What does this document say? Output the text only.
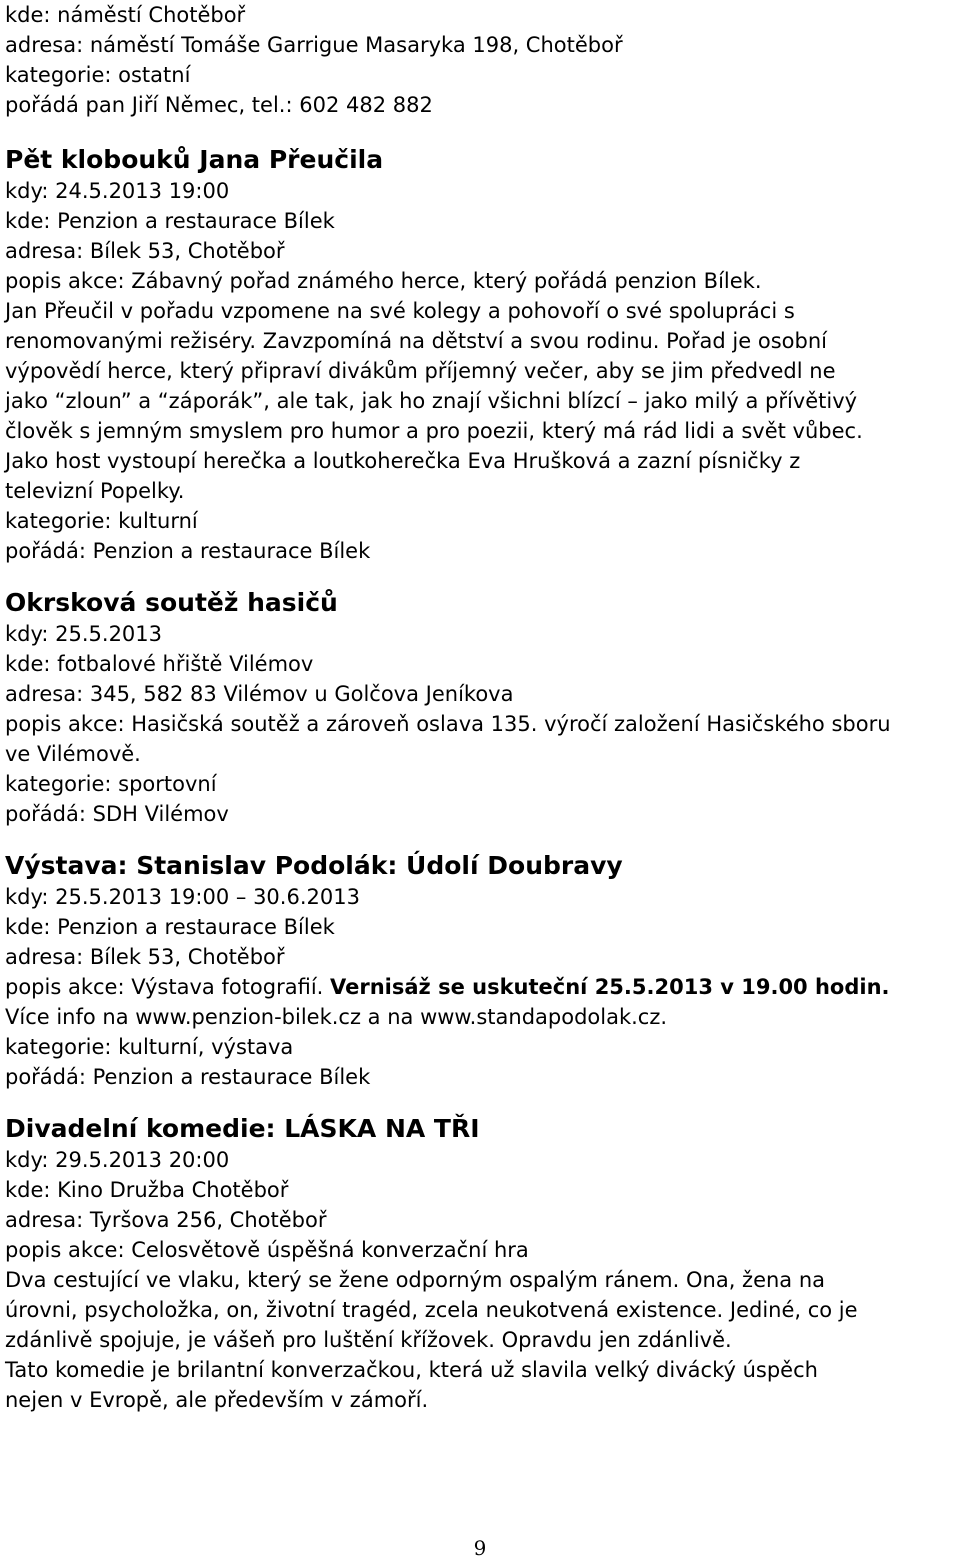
kde: náměstí Chotěboř
adresa: náměstí Tomáše Garrigue Masaryka 198, Chotěboř
kategorie: ostatní
pořádá pan Jiří Němec, tel.: 602 482 882
Pět klobouků Jana Přeučila
kdy: 24.5.2013 19:00
kde: Penzion a restaurace Bílek
adresa: Bílek 53, Chotěboř
popis akce: Zábavný pořad známého herce, který pořádá penzion Bílek.
Jan Přeučil v pořadu vzpomene na své kolegy a pohovoří o své spolupráci s
renomovanými režiséry. Zavzpomíná na dětství a svou rodinu. Pořad je osobní
výpovědí herce, který připraví divákům příjemný večer, aby se jim předvedl ne
jako “zloun” a “záporák”, ale tak, jak ho znají všichni blízcí – jako milý a přívětivý
člověk s jemným smyslem pro humor a pro poezii, který má rád lidi a svět vůbec.
Jako host vystoupí herečka a loutkoherečka Eva Hrušková a zazní písničky z
televizní Popelky.
kategorie: kulturní
pořádá: Penzion a restaurace Bílek
Okrsková soutěž hasičů
kdy: 25.5.2013
kde: fotbalové hřiště Vilémov
adresa: 345, 582 83 Vilémov u Golčova Jeníkova
popis akce: Hasičská soutěž a zároveň oslava 135. výročí založení Hasičského sboru
ve Vilémově.
kategorie: sportovní
pořádá: SDH Vilémov
Výstava: Stanislav Podolák: Údolí Doubravy
kdy: 25.5.2013 19:00 – 30.6.2013
kde: Penzion a restaurace Bílek
adresa: Bílek 53, Chotěboř
popis akce: Výstava fotografií. Vernisáž se uskuteční 25.5.2013 v 19.00 hodin.
Více info na www.penzion-bilek.cz a na www.standapodolak.cz.
kategorie: kulturní, výstava
pořádá: Penzion a restaurace Bílek
Divadelní komedie: LÁSKA NA TŘI
kdy: 29.5.2013 20:00
kde: Kino Družba Chotěboř
adresa: Tyršova 256, Chotěboř
popis akce: Celosvětově úspěšná konverzační hra
Dva cestující ve vlaku, který se žene odporným ospalým ránem. Ona, žena na
úrovni, psycholožka, on, životní tragéd, zcela neukotvená existence. Jediné, co je
zdánlivě spojuje, je vášeň pro luštění křížovek. Opravdu jen zdánlivě.
Tato komedie je brilantní konverzačkou, která už slavila velký divácký úspěch
nejen v Evropě, ale především v zámoří.
9
